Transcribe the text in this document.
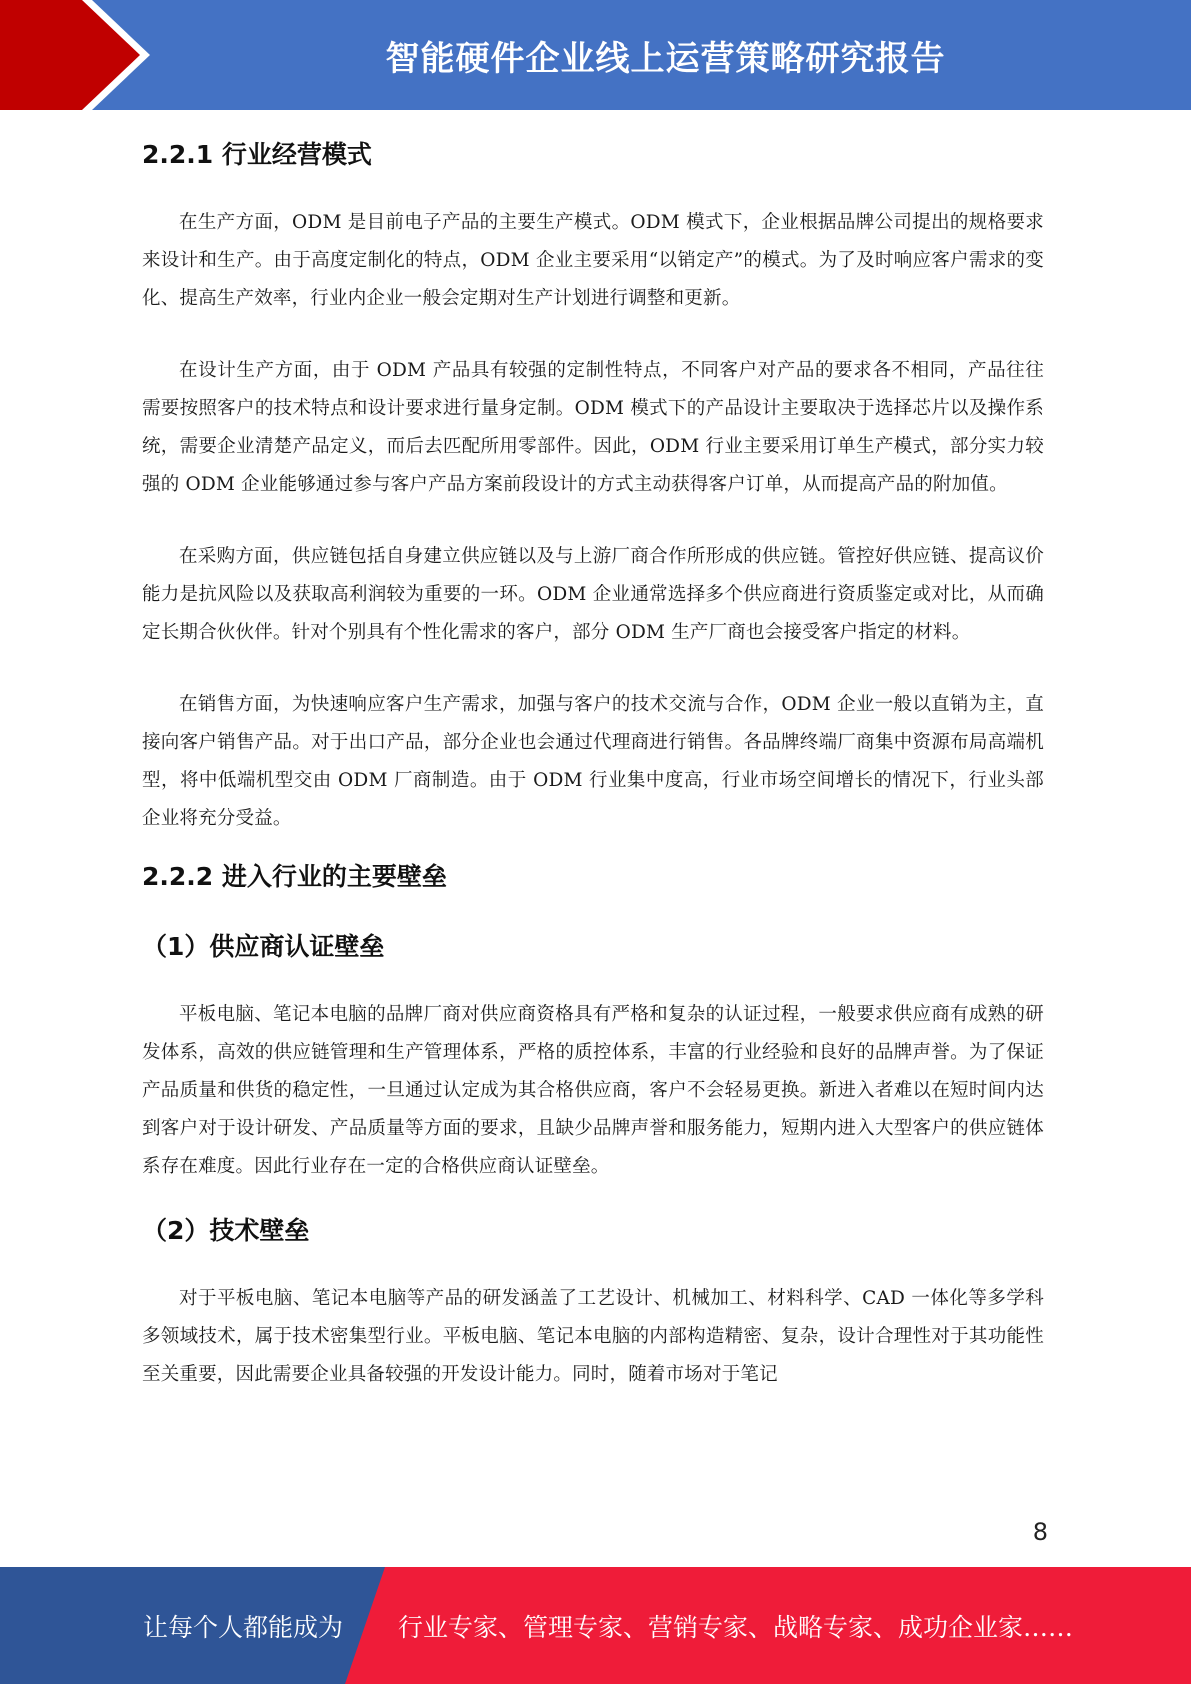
智能硬件企业线上运营策略研究报告
2.2.1 行业经营模式

在生产方面，ODM 是目前电子产品的主要生产模式。ODM 模式下，企业根据品牌公司提出的规格要求来设计和生产。由于高度定制化的特点，ODM 企业主要采用“以销定产”的模式。为了及时响应客户需求的变化、提高生产效率，行业内企业一般会定期对生产计划进行调整和更新。

在设计生产方面，由于 ODM 产品具有较强的定制性特点，不同客户对产品的要求各不相同，产品往往需要按照客户的技术特点和设计要求进行量身定制。ODM 模式下的产品设计主要取决于选择芯片以及操作系统，需要企业清楚产品定义，而后去匹配所用零部件。因此，ODM 行业主要采用订单生产模式，部分实力较强的 ODM 企业能够通过参与客户产品方案前段设计的方式主动获得客户订单，从而提高产品的附加值。

在采购方面，供应链包括自身建立供应链以及与上游厂商合作所形成的供应链。管控好供应链、提高议价能力是抗风险以及获取高利润较为重要的一环。ODM 企业通常选择多个供应商进行资质鉴定或对比，从而确定长期合伙伙伴。针对个别具有个性化需求的客户，部分 ODM 生产厂商也会接受客户指定的材料。

在销售方面，为快速响应客户生产需求，加强与客户的技术交流与合作，ODM 企业一般以直销为主，直接向客户销售产品。对于出口产品，部分企业也会通过代理商进行销售。各品牌终端厂商集中资源布局高端机型，将中低端机型交由 ODM 厂商制造。由于 ODM 行业集中度高，行业市场空间增长的情况下，行业头部企业将充分受益。

2.2.2 进入行业的主要壁垒
（1）供应商认证壁垒

平板电脑、笔记本电脑的品牌厂商对供应商资格具有严格和复杂的认证过程，一般要求供应商有成熟的研发体系，高效的供应链管理和生产管理体系，严格的质控体系，丰富的行业经验和良好的品牌声誉。为了保证产品质量和供货的稳定性，一旦通过认定成为其合格供应商，客户不会轻易更换。新进入者难以在短时间内达到客户对于设计研发、产品质量等方面的要求，且缺少品牌声誉和服务能力，短期内进入大型客户的供应链体系存在难度。因此行业存在一定的合格供应商认证壁垒。

（2）技术壁垒

对于平板电脑、笔记本电脑等产品的研发涵盖了工艺设计、机械加工、材料科学、CAD 一体化等多学科多领域技术，属于技术密集型行业。平板电脑、笔记本电脑的内部构造精密、复杂，设计合理性对于其功能性至关重要，因此需要企业具备较强的开发设计能力。同时，随着市场对于笔记

8
让每个人都能成为 行业专家、管理专家、营销专家、战略专家、成功企业家……
